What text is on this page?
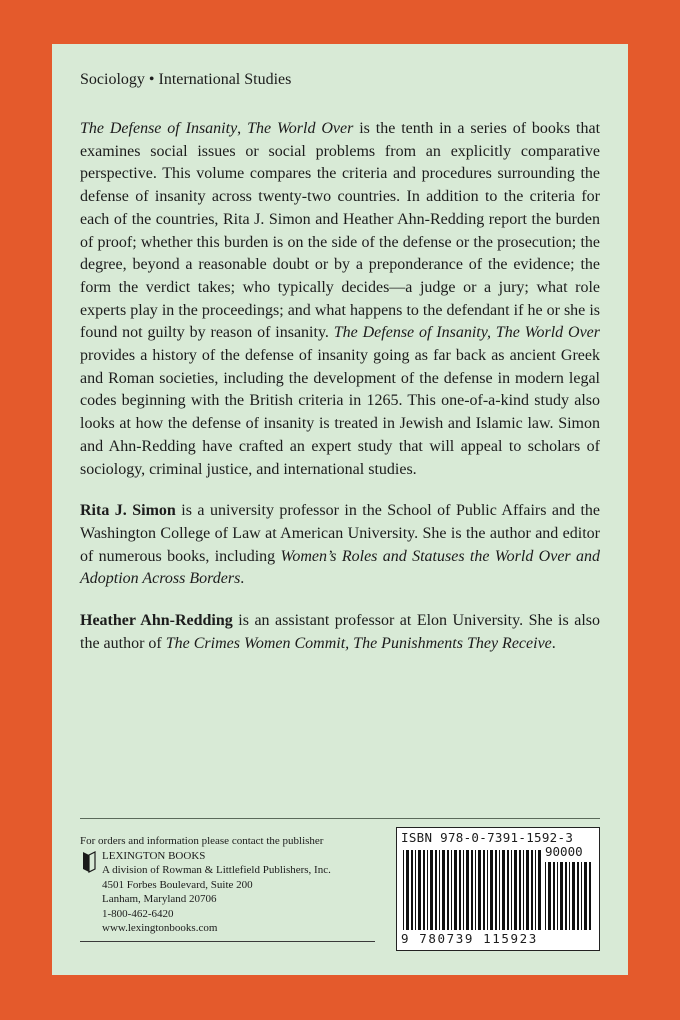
Sociology • International Studies

The Defense of Insanity, The World Over is the tenth in a series of books that examines social issues or social problems from an explicitly comparative perspective. This volume compares the criteria and procedures surrounding the defense of insanity across twenty-two countries. In addition to the criteria for each of the countries, Rita J. Simon and Heather Ahn-Redding report the burden of proof; whether this burden is on the side of the defense or the prosecution; the degree, beyond a reasonable doubt or by a preponderance of the evidence; the form the verdict takes; who typically decides—a judge or a jury; what role experts play in the proceedings; and what happens to the defendant if he or she is found not guilty by reason of insanity. The Defense of Insanity, The World Over provides a history of the defense of insanity going as far back as ancient Greek and Roman societies, including the development of the defense in modern legal codes beginning with the British criteria in 1265. This one-of-a-kind study also looks at how the defense of insanity is treated in Jewish and Islamic law. Simon and Ahn-Redding have crafted an expert study that will appeal to scholars of sociology, criminal justice, and international studies.

Rita J. Simon is a university professor in the School of Public Affairs and the Washington College of Law at American University. She is the author and editor of numerous books, including Women’s Roles and Statuses the World Over and Adoption Across Borders.

Heather Ahn-Redding is an assistant professor at Elon University. She is also the author of The Crimes Women Commit, The Punishments They Receive.

For orders and information please contact the publisher
LEXINGTON BOOKS
A division of Rowman & Littlefield Publishers, Inc.
4501 Forbes Boulevard, Suite 200
Lanham, Maryland 20706
1-800-462-6420
www.lexingtonbooks.com
ISBN 978-0-7391-1592-3
90000
9 780739 115923
